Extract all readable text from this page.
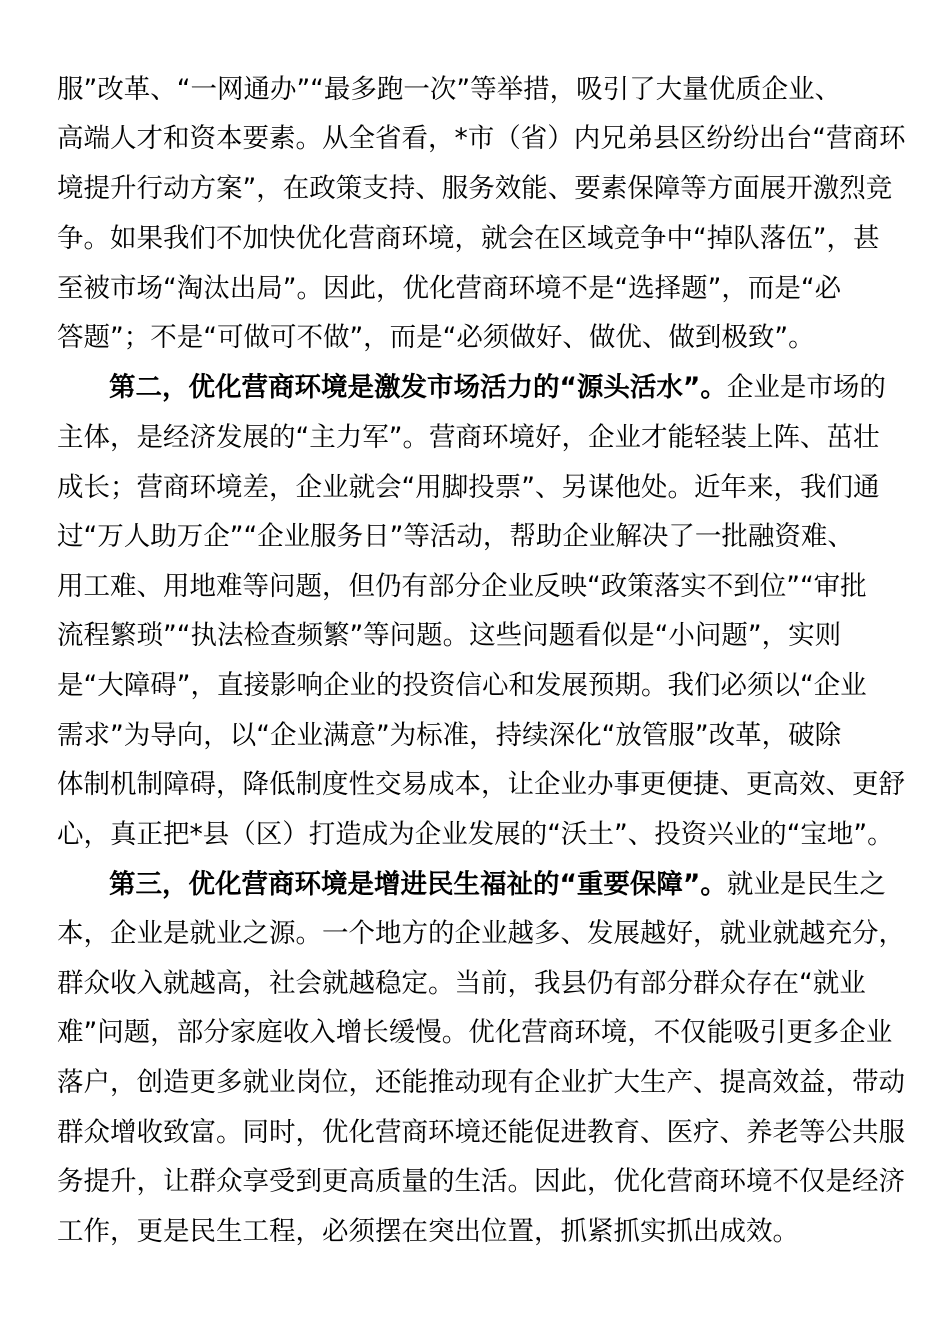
服”改革、“一网通办”“最多跑一次”等举措，吸引了大量优质企业、
高端人才和资本要素。从全省看，*市（省）内兄弟县区纷纷出台“营商环
境提升行动方案”，在政策支持、服务效能、要素保障等方面展开激烈竞
争。如果我们不加快优化营商环境，就会在区域竞争中“掉队落伍”，甚
至被市场“淘汰出局”。因此，优化营商环境不是“选择题”，而是“必
答题”；不是“可做可不做”，而是“必须做好、做优、做到极致”。
第二，优化营商环境是激发市场活力的“源头活水”。企业是市场的
主体，是经济发展的“主力军”。营商环境好，企业才能轻装上阵、茁壮
成长；营商环境差，企业就会“用脚投票”、另谋他处。近年来，我们通
过“万人助万企”“企业服务日”等活动，帮助企业解决了一批融资难、
用工难、用地难等问题，但仍有部分企业反映“政策落实不到位”“审批
流程繁琐”“执法检查频繁”等问题。这些问题看似是“小问题”，实则
是“大障碍”，直接影响企业的投资信心和发展预期。我们必须以“企业
需求”为导向，以“企业满意”为标准，持续深化“放管服”改革，破除
体制机制障碍，降低制度性交易成本，让企业办事更便捷、更高效、更舒
心，真正把*县（区）打造成为企业发展的“沃土”、投资兴业的“宝地”。
第三，优化营商环境是增进民生福祉的“重要保障”。就业是民生之
本，企业是就业之源。一个地方的企业越多、发展越好，就业就越充分，
群众收入就越高，社会就越稳定。当前，我县仍有部分群众存在“就业
难”问题，部分家庭收入增长缓慢。优化营商环境，不仅能吸引更多企业
落户，创造更多就业岗位，还能推动现有企业扩大生产、提高效益，带动
群众增收致富。同时，优化营商环境还能促进教育、医疗、养老等公共服
务提升，让群众享受到更高质量的生活。因此，优化营商环境不仅是经济
工作，更是民生工程，必须摆在突出位置，抓紧抓实抓出成效。
